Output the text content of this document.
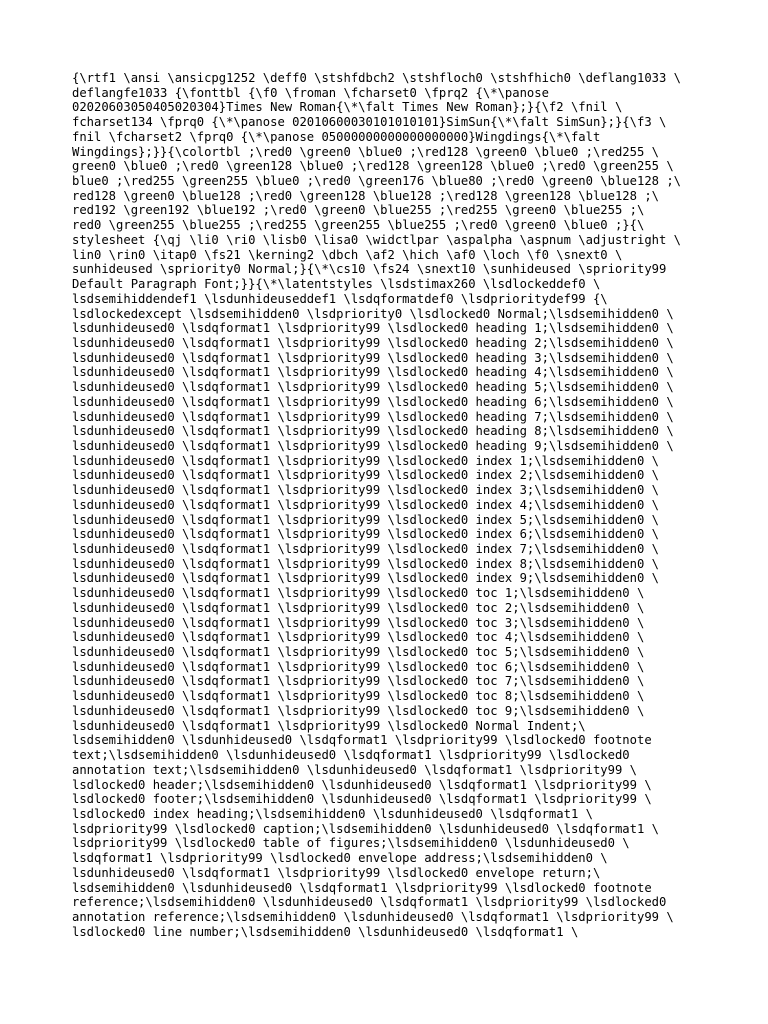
{\rtf1 \ansi \ansicpg1252 \deff0 \stshfdbch2 \stshfloch0 \stshfhich0 \deflang1033 \
deflangfe1033 {\fonttbl {\f0 \froman \fcharset0 \fprq2 {\*\panose
02020603050405020304}Times New Roman{\*\falt Times New Roman};}{\f2 \fnil \
fcharset134 \fprq0 {\*\panose 02010600030101010101}SimSun{\*\falt SimSun};}{\f3 \
fnil \fcharset2 \fprq0 {\*\panose 05000000000000000000}Wingdings{\*\falt
Wingdings};}}{\colortbl ;\red0 \green0 \blue0 ;\red128 \green0 \blue0 ;\red255 \
green0 \blue0 ;\red0 \green128 \blue0 ;\red128 \green128 \blue0 ;\red0 \green255 \
blue0 ;\red255 \green255 \blue0 ;\red0 \green176 \blue80 ;\red0 \green0 \blue128 ;\
red128 \green0 \blue128 ;\red0 \green128 \blue128 ;\red128 \green128 \blue128 ;\
red192 \green192 \blue192 ;\red0 \green0 \blue255 ;\red255 \green0 \blue255 ;\
red0 \green255 \blue255 ;\red255 \green255 \blue255 ;\red0 \green0 \blue0 ;}{\
stylesheet {\qj \li0 \ri0 \lisb0 \lisa0 \widctlpar \aspalpha \aspnum \adjustright \
lin0 \rin0 \itap0 \fs21 \kerning2 \dbch \af2 \hich \af0 \loch \f0 \snext0 \
sunhideused \spriority0 Normal;}{\*\cs10 \fs24 \snext10 \sunhideused \spriority99
Default Paragraph Font;}}{\*\latentstyles \lsdstimax260 \lsdlockeddef0 \
lsdsemihiddendef1 \lsdunhideuseddef1 \lsdqformatdef0 \lsdprioritydef99 {\
lsdlockedexcept \lsdsemihidden0 \lsdpriority0 \lsdlocked0 Normal;\lsdsemihidden0 \
lsdunhideused0 \lsdqformat1 \lsdpriority99 \lsdlocked0 heading 1;\lsdsemihidden0 \
lsdunhideused0 \lsdqformat1 \lsdpriority99 \lsdlocked0 heading 2;\lsdsemihidden0 \
lsdunhideused0 \lsdqformat1 \lsdpriority99 \lsdlocked0 heading 3;\lsdsemihidden0 \
lsdunhideused0 \lsdqformat1 \lsdpriority99 \lsdlocked0 heading 4;\lsdsemihidden0 \
lsdunhideused0 \lsdqformat1 \lsdpriority99 \lsdlocked0 heading 5;\lsdsemihidden0 \
lsdunhideused0 \lsdqformat1 \lsdpriority99 \lsdlocked0 heading 6;\lsdsemihidden0 \
lsdunhideused0 \lsdqformat1 \lsdpriority99 \lsdlocked0 heading 7;\lsdsemihidden0 \
lsdunhideused0 \lsdqformat1 \lsdpriority99 \lsdlocked0 heading 8;\lsdsemihidden0 \
lsdunhideused0 \lsdqformat1 \lsdpriority99 \lsdlocked0 heading 9;\lsdsemihidden0 \
lsdunhideused0 \lsdqformat1 \lsdpriority99 \lsdlocked0 index 1;\lsdsemihidden0 \
lsdunhideused0 \lsdqformat1 \lsdpriority99 \lsdlocked0 index 2;\lsdsemihidden0 \
lsdunhideused0 \lsdqformat1 \lsdpriority99 \lsdlocked0 index 3;\lsdsemihidden0 \
lsdunhideused0 \lsdqformat1 \lsdpriority99 \lsdlocked0 index 4;\lsdsemihidden0 \
lsdunhideused0 \lsdqformat1 \lsdpriority99 \lsdlocked0 index 5;\lsdsemihidden0 \
lsdunhideused0 \lsdqformat1 \lsdpriority99 \lsdlocked0 index 6;\lsdsemihidden0 \
lsdunhideused0 \lsdqformat1 \lsdpriority99 \lsdlocked0 index 7;\lsdsemihidden0 \
lsdunhideused0 \lsdqformat1 \lsdpriority99 \lsdlocked0 index 8;\lsdsemihidden0 \
lsdunhideused0 \lsdqformat1 \lsdpriority99 \lsdlocked0 index 9;\lsdsemihidden0 \
lsdunhideused0 \lsdqformat1 \lsdpriority99 \lsdlocked0 toc 1;\lsdsemihidden0 \
lsdunhideused0 \lsdqformat1 \lsdpriority99 \lsdlocked0 toc 2;\lsdsemihidden0 \
lsdunhideused0 \lsdqformat1 \lsdpriority99 \lsdlocked0 toc 3;\lsdsemihidden0 \
lsdunhideused0 \lsdqformat1 \lsdpriority99 \lsdlocked0 toc 4;\lsdsemihidden0 \
lsdunhideused0 \lsdqformat1 \lsdpriority99 \lsdlocked0 toc 5;\lsdsemihidden0 \
lsdunhideused0 \lsdqformat1 \lsdpriority99 \lsdlocked0 toc 6;\lsdsemihidden0 \
lsdunhideused0 \lsdqformat1 \lsdpriority99 \lsdlocked0 toc 7;\lsdsemihidden0 \
lsdunhideused0 \lsdqformat1 \lsdpriority99 \lsdlocked0 toc 8;\lsdsemihidden0 \
lsdunhideused0 \lsdqformat1 \lsdpriority99 \lsdlocked0 toc 9;\lsdsemihidden0 \
lsdunhideused0 \lsdqformat1 \lsdpriority99 \lsdlocked0 Normal Indent;\
lsdsemihidden0 \lsdunhideused0 \lsdqformat1 \lsdpriority99 \lsdlocked0 footnote
text;\lsdsemihidden0 \lsdunhideused0 \lsdqformat1 \lsdpriority99 \lsdlocked0
annotation text;\lsdsemihidden0 \lsdunhideused0 \lsdqformat1 \lsdpriority99 \
lsdlocked0 header;\lsdsemihidden0 \lsdunhideused0 \lsdqformat1 \lsdpriority99 \
lsdlocked0 footer;\lsdsemihidden0 \lsdunhideused0 \lsdqformat1 \lsdpriority99 \
lsdlocked0 index heading;\lsdsemihidden0 \lsdunhideused0 \lsdqformat1 \
lsdpriority99 \lsdlocked0 caption;\lsdsemihidden0 \lsdunhideused0 \lsdqformat1 \
lsdpriority99 \lsdlocked0 table of figures;\lsdsemihidden0 \lsdunhideused0 \
lsdqformat1 \lsdpriority99 \lsdlocked0 envelope address;\lsdsemihidden0 \
lsdunhideused0 \lsdqformat1 \lsdpriority99 \lsdlocked0 envelope return;\
lsdsemihidden0 \lsdunhideused0 \lsdqformat1 \lsdpriority99 \lsdlocked0 footnote
reference;\lsdsemihidden0 \lsdunhideused0 \lsdqformat1 \lsdpriority99 \lsdlocked0
annotation reference;\lsdsemihidden0 \lsdunhideused0 \lsdqformat1 \lsdpriority99 \
lsdlocked0 line number;\lsdsemihidden0 \lsdunhideused0 \lsdqformat1 \
